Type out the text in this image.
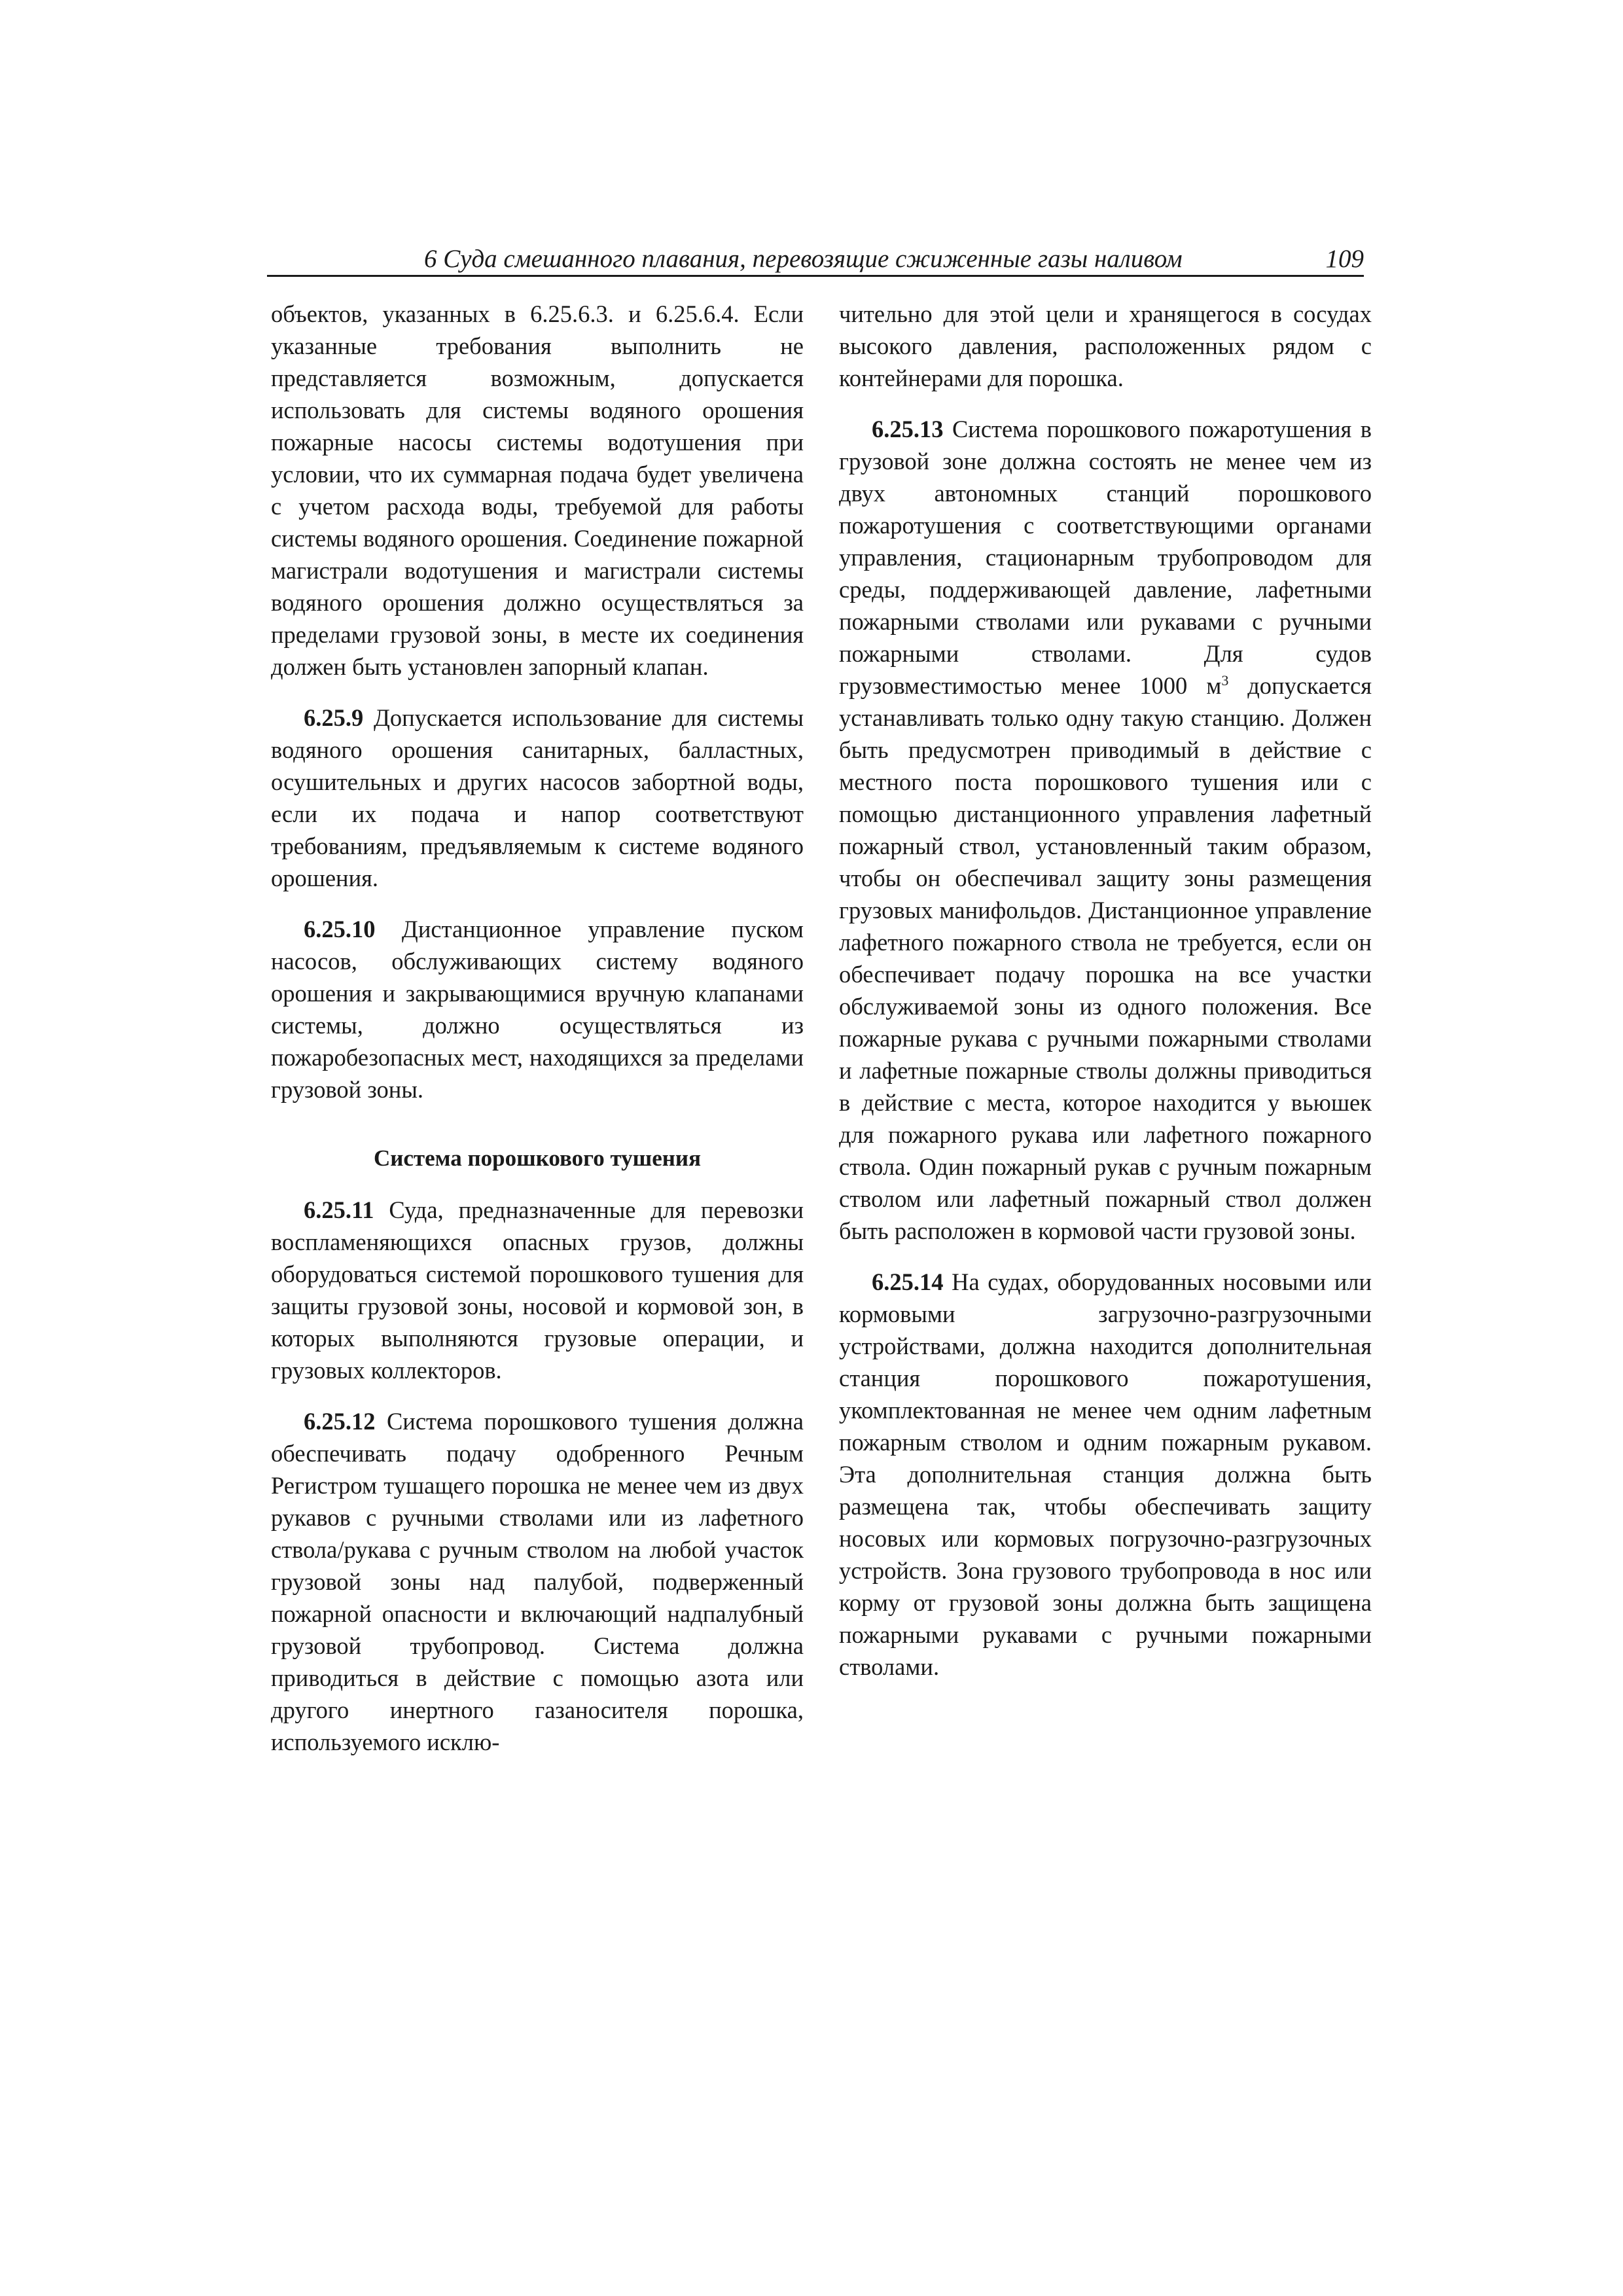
6 Суда смешанного плавания, перевозящие сжиженные газы наливом	109

объектов, указанных в 6.25.6.3. и 6.25.6.4. Если указанные требования выполнить не представляется возможным, допускается использовать для системы водяного орошения пожарные насосы системы водотушения при условии, что их суммарная подача будет увеличена с учетом расхода воды, требуемой для работы системы водяного орошения. Соединение пожарной магистрали водотушения и магистрали системы водяного орошения должно осуществляться за пределами грузовой зоны, в месте их соединения должен быть установлен запорный клапан.

6.25.9 Допускается использование для системы водяного орошения санитарных, балластных, осушительных и других насосов забортной воды, если их подача и напор соответствуют требованиям, предъявляемым к системе водяного орошения.

6.25.10 Дистанционное управление пуском насосов, обслуживающих систему водяного орошения и закрывающимися вручную клапанами системы, должно осуществляться из пожаробезопасных мест, находящихся за пределами грузовой зоны.

Система порошкового тушения

6.25.11 Суда, предназначенные для перевозки воспламеняющихся опасных грузов, должны оборудоваться системой порошкового тушения для защиты грузовой зоны, носовой и кормовой зон, в которых выполняются грузовые операции, и грузовых коллекторов.

6.25.12 Система порошкового тушения должна обеспечивать подачу одобренного Речным Регистром тушащего порошка не менее чем из двух рукавов с ручными стволами или из лафетного ствола/рукава с ручным стволом на любой участок грузовой зоны над палубой, подверженный пожарной опасности и включающий надпалубный грузовой трубопровод. Система должна приводиться в действие с помощью азота или другого инертного газаносителя порошка, используемого исклю-

чительно для этой цели и хранящегося в сосудах высокого давления, расположенных рядом с контейнерами для порошка.

6.25.13 Система порошкового пожаротушения в грузовой зоне должна состоять не менее чем из двух автономных станций порошкового пожаротушения с соответствующими органами управления, стационарным трубопроводом для среды, поддерживающей давление, лафетными пожарными стволами или рукавами с ручными пожарными стволами. Для судов грузовместимостью менее 1000 $м^3$ допускается устанавливать только одну такую станцию. Должен быть предусмотрен приводимый в действие с местного поста порошкового тушения или с помощью дистанционного управления лафетный пожарный ствол, установленный таким образом, чтобы он обеспечивал защиту зоны размещения грузовых манифольдов. Дистанционное управление лафетного пожарного ствола не требуется, если он обеспечивает подачу порошка на все участки обслуживаемой зоны из одного положения. Все пожарные рукава с ручными пожарными стволами и лафетные пожарные стволы должны приводиться в действие с места, которое находится у вьюшек для пожарного рукава или лафетного пожарного ствола. Один пожарный рукав с ручным пожарным стволом или лафетный пожарный ствол должен быть расположен в кормовой части грузовой зоны.

6.25.14 На судах, оборудованных носовыми или кормовыми загрузочно-разгрузочными устройствами, должна находится дополнительная станция порошкового пожаротушения, укомплектованная не менее чем одним лафетным пожарным стволом и одним пожарным рукавом. Эта дополнительная станция должна быть размещена так, чтобы обеспечивать защиту носовых или кормовых погрузочно-разгрузочных устройств. Зона грузового трубопровода в нос или корму от грузовой зоны должна быть защищена пожарными рукавами с ручными пожарными стволами.
